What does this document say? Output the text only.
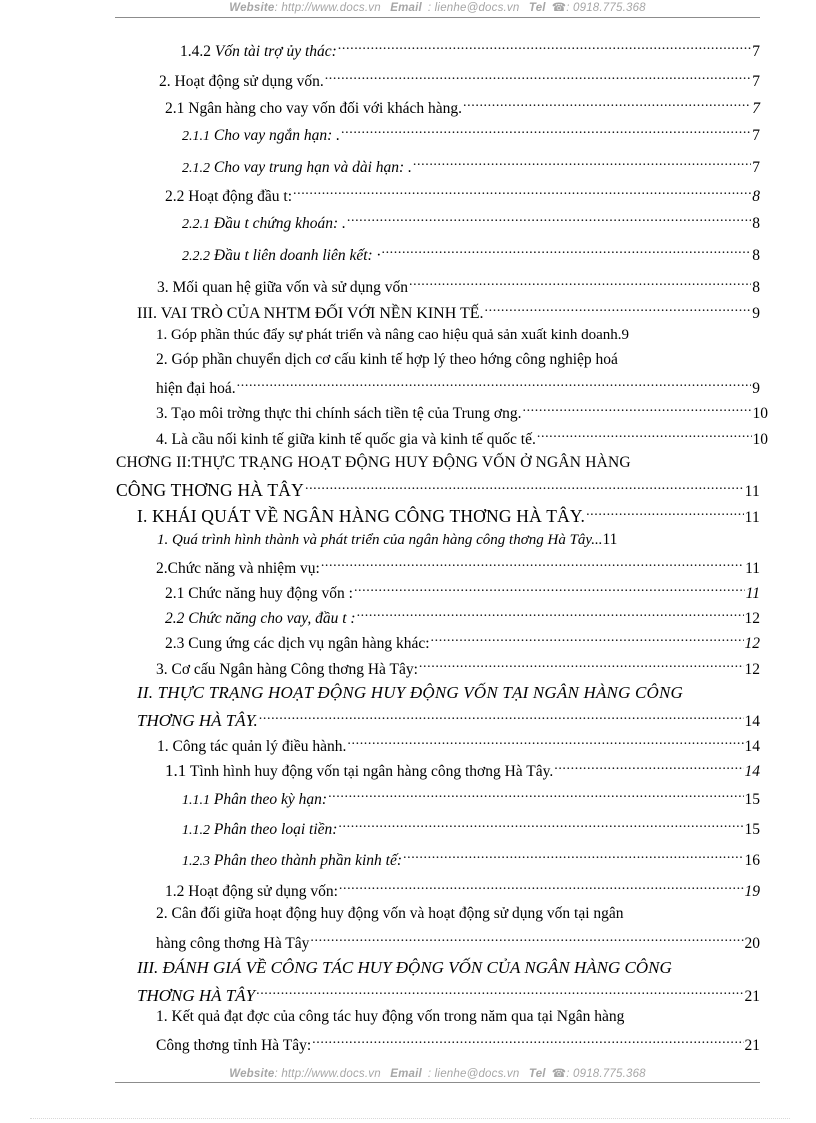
Website: http://www.docs.vn Email : lienhe@docs.vn Tel ☎: 0918.775.368
1.4.2 Vốn tài trợ ủy thác: .....	7
2. Hoạt động sử dụng vốn. .....	7
2.1 Ngân hàng cho vay vốn đối với khách hàng. .....	7
2.1.1 Cho vay ngắn hạn: . .....	7
2.1.2 Cho vay trung hạn và dài hạn: . .....	7
2.2 Hoạt động đầu t: .....	8
2.2.1 Đầu t chứng khoán: . .....	8
2.2.2 Đầu t liên doanh liên kết: · .....	8
3. Mối quan hệ giữa vốn và sử dụng vốn .....	8
III. VAI TRÒ CỦA NHTM ĐỐI VỚI NỀN KINH TẾ. .....	9
1. Góp phần thúc đẩy sự phát triển và nâng cao hiệu quả sản xuất kinh doanh. 9
2. Góp phần chuyển dịch cơ cấu kinh tế hợp lý theo hớng công nghiệp hoá
hiện đại hoá. .....	9
3. Tạo môi trờng thực thi chính sách tiền tệ của Trung ơng. .....	10
4. Là cầu nối kinh tế giữa kinh tế quốc gia và kinh tế quốc tế. .....	10
CHƠNG II:THỰC TRẠNG HOẠT ĐỘNG HUY ĐỘNG VỐN Ở NGÂN HÀNG
CÔNG THƠNG HÀ TÂY .....	11
I. KHÁI QUÁT VỀ NGÂN HÀNG CÔNG THƠNG HÀ TÂY. .....	11
1. Quá trình hình thành và phát triển của ngân hàng công thơng Hà Tây... 11
2.Chức năng và nhiệm vụ: .....	11
2.1 Chức năng huy động vốn : .....	11
2.2 Chức năng cho vay, đầu t : .....	12
2.3 Cung ứng các dịch vụ ngân hàng khác: .....	12
3. Cơ cấu Ngân hàng Công thơng Hà Tây: .....	12
II. THỰC TRẠNG HOẠT ĐỘNG HUY ĐỘNG VỐN TẠI NGÂN HÀNG CÔNG
THƠNG HÀ TÂY. .....	14
1. Công tác quản lý điều hành. .....	14
1.1 Tình hình huy động vốn tại ngân hàng công thơng Hà Tây. .....	14
1.1.1 Phân theo kỳ hạn: .....	15
1.1.2 Phân theo loại tiền: .....	15
1.2.3 Phân theo thành phần kinh tế: .....	16
1.2 Hoạt động sử dụng vốn: .....	19
2. Cân đối giữa hoạt động huy động vốn và hoạt động sử dụng vốn tại ngân
hàng công thơng Hà Tây .....	20
III. ĐÁNH GIÁ VỀ CÔNG TÁC HUY ĐỘNG VỐN CỦA NGÂN HÀNG CÔNG
THƠNG HÀ TÂY .....	21
1. Kết quả đạt đợc của công tác huy động vốn trong năm qua tại Ngân hàng
Công thơng tỉnh Hà Tây: .....	21
Website: http://www.docs.vn Email : lienhe@docs.vn Tel ☎: 0918.775.368
